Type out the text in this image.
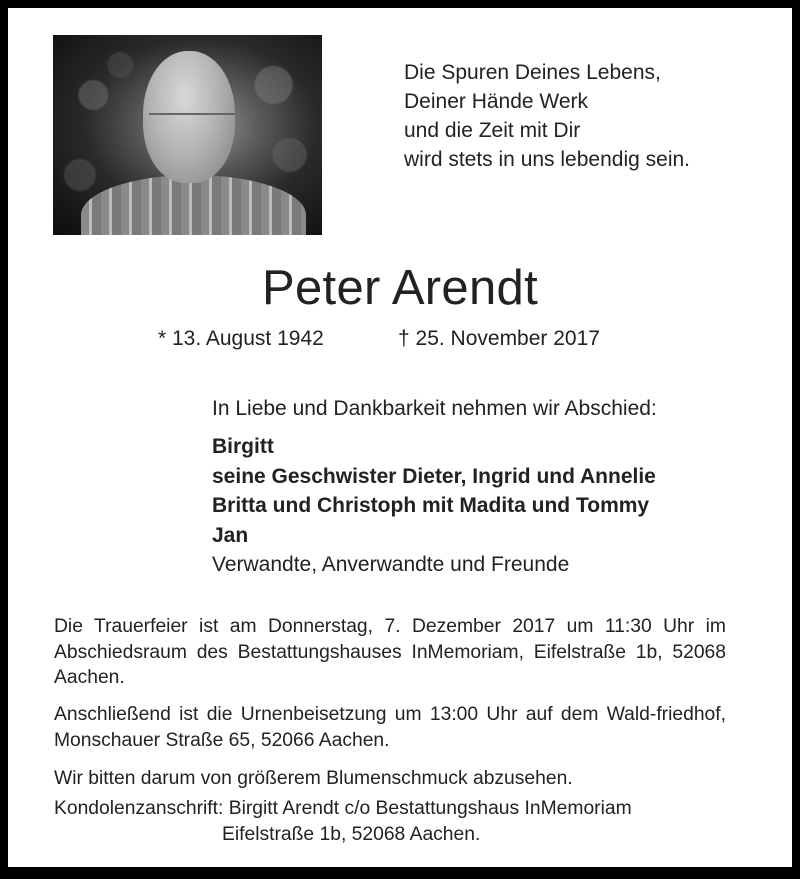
Die Spuren Deines Lebens,
Deiner Hände Werk
und die Zeit mit Dir
wird stets in uns lebendig sein.
Peter Arendt
* 13. August 1942	† 25. November 2017
In Liebe und Dankbarkeit nehmen wir Abschied:
Birgitt
seine Geschwister Dieter, Ingrid und Annelie
Britta und Christoph mit Madita und Tommy
Jan
Verwandte, Anverwandte und Freunde
Die Trauerfeier ist am Donnerstag, 7. Dezember 2017 um 11:30 Uhr im Abschiedsraum des Bestattungshauses InMemoriam, Eifelstraße 1b, 52068 Aachen.
Anschließend ist die Urnenbeisetzung um 13:00 Uhr auf dem Wald-friedhof, Monschauer Straße 65, 52066 Aachen.
Wir bitten darum von größerem Blumenschmuck abzusehen.
Kondolenzanschrift: Birgitt Arendt c/o Bestattungshaus InMemoriam
Eifelstraße 1b, 52068 Aachen.
